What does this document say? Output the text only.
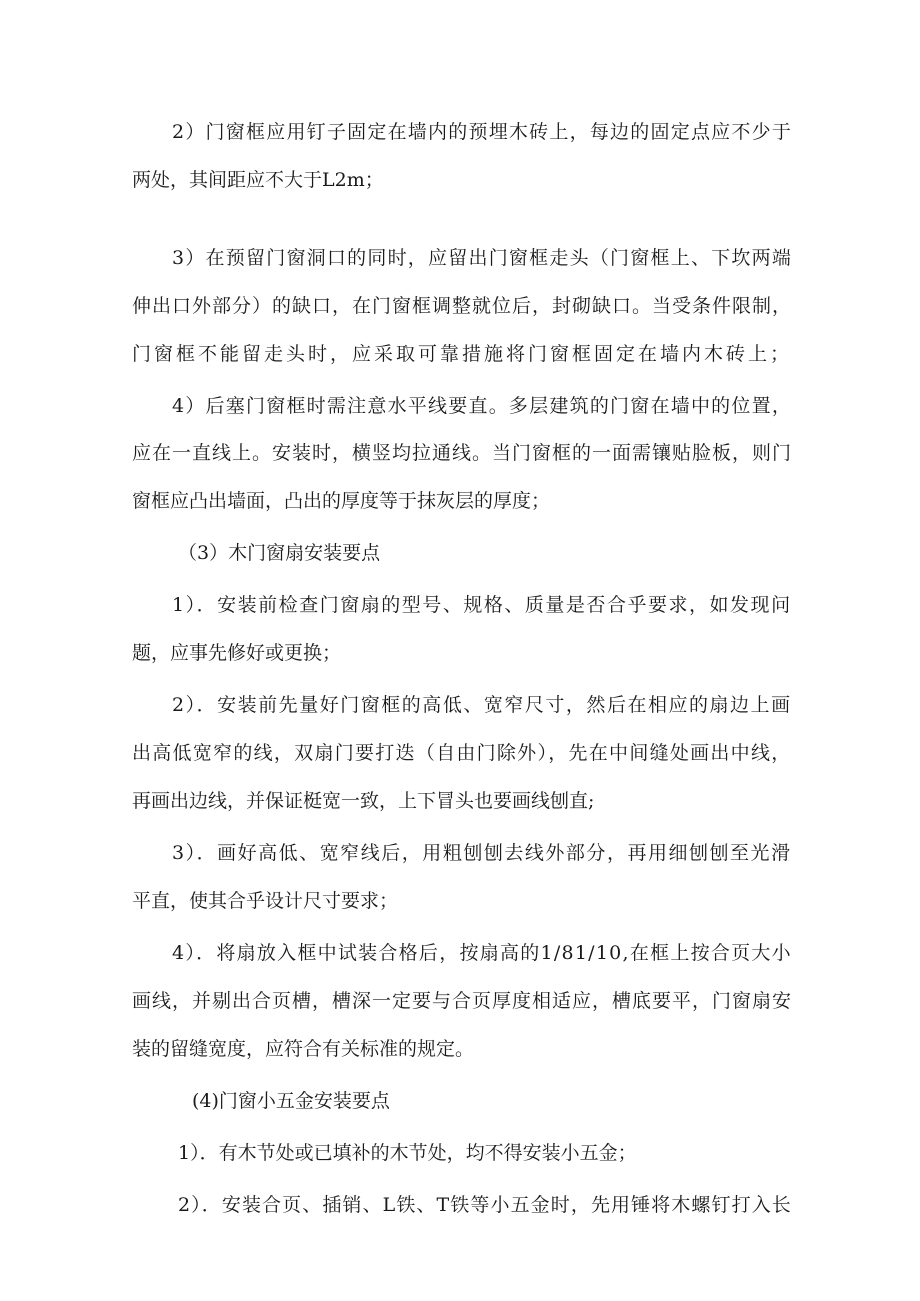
2）门窗框应用钉子固定在墙内的预埋木砖上，每边的固定点应不少于
两处，其间距应不大于L2m；
3）在预留门窗洞口的同时，应留出门窗框走头（门窗框上、下坎两端
伸出口外部分）的缺口，在门窗框调整就位后，封砌缺口。当受条件限制，
门窗框不能留走头时，应采取可靠措施将门窗框固定在墙内木砖上；
4）后塞门窗框时需注意水平线要直。多层建筑的门窗在墙中的位置，
应在一直线上。安装时，横竖均拉通线。当门窗框的一面需镶贴脸板，则门
窗框应凸出墙面，凸出的厚度等于抹灰层的厚度；
（3）木门窗扇安装要点
1）．安装前检查门窗扇的型号、规格、质量是否合乎要求，如发现问
题，应事先修好或更换；
2）．安装前先量好门窗框的高低、宽窄尺寸，然后在相应的扇边上画
出高低宽窄的线，双扇门要打迭（自由门除外），先在中间缝处画出中线，
再画出边线，并保证梃宽一致，上下冒头也要画线刨直;
3）．画好高低、宽窄线后，用粗刨刨去线外部分，再用细刨刨至光滑
平直，使其合乎设计尺寸要求；
4）．将扇放入框中试装合格后，按扇高的1/81/10,在框上按合页大小
画线，并剔出合页槽，槽深一定要与合页厚度相适应，槽底要平，门窗扇安
装的留缝宽度，应符合有关标准的规定。
(4)门窗小五金安装要点
1）．有木节处或已填补的木节处，均不得安装小五金；
2）．安装合页、插销、L铁、T铁等小五金时，先用锤将木螺钉打入长
